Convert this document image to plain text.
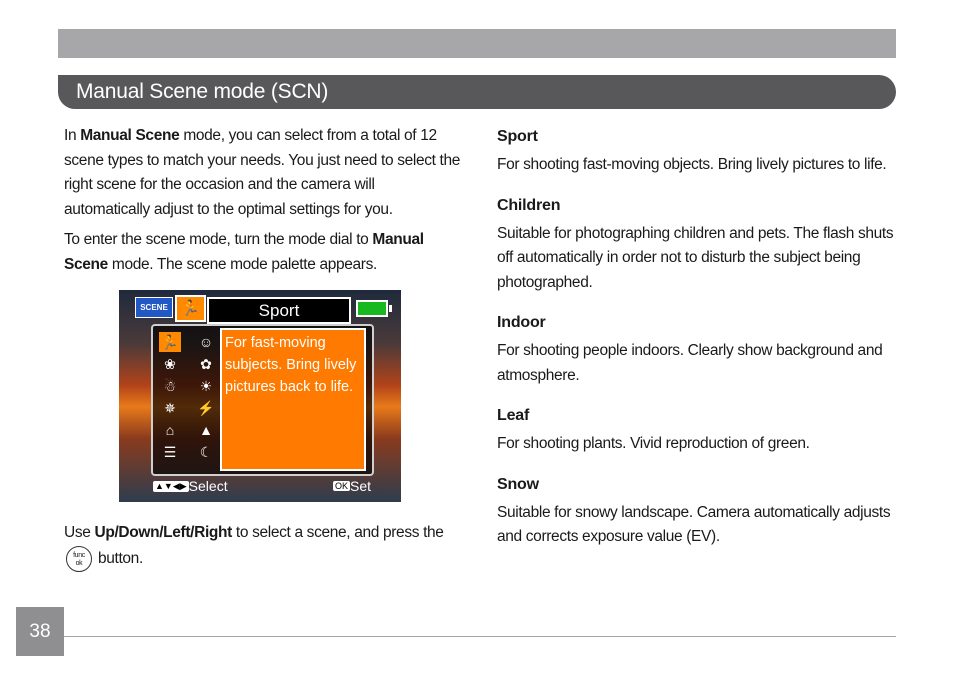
Manual Scene mode (SCN)

In Manual Scene mode, you can select from a total of 12 scene types to match your needs. You just need to select the right scene for the occasion and the camera will automatically adjust to the optimal settings for you.

To enter the scene mode, turn the mode dial to Manual Scene mode. The scene mode palette appears.

SCENE 🏃	Sport
🏃 ☺
❀	✿
☃	☀
✵	⚡
⌂	▲
☰	☾
For fast-moving subjects. Bring lively pictures back to life.
▲▼◀▶ Select	OK Set

Use Up/Down/Left/Right to select a scene, and press the
func
ok button.

Sport

For shooting fast-moving objects. Bring lively pictures to life.

Children

Suitable for photographing children and pets. The flash shuts off automatically in order not to disturb the subject being photographed.

Indoor

For shooting people indoors. Clearly show background and atmosphere.

Leaf

For shooting plants. Vivid reproduction of green.

Snow

Suitable for snowy landscape. Camera automatically adjusts and corrects exposure value (EV).

38
